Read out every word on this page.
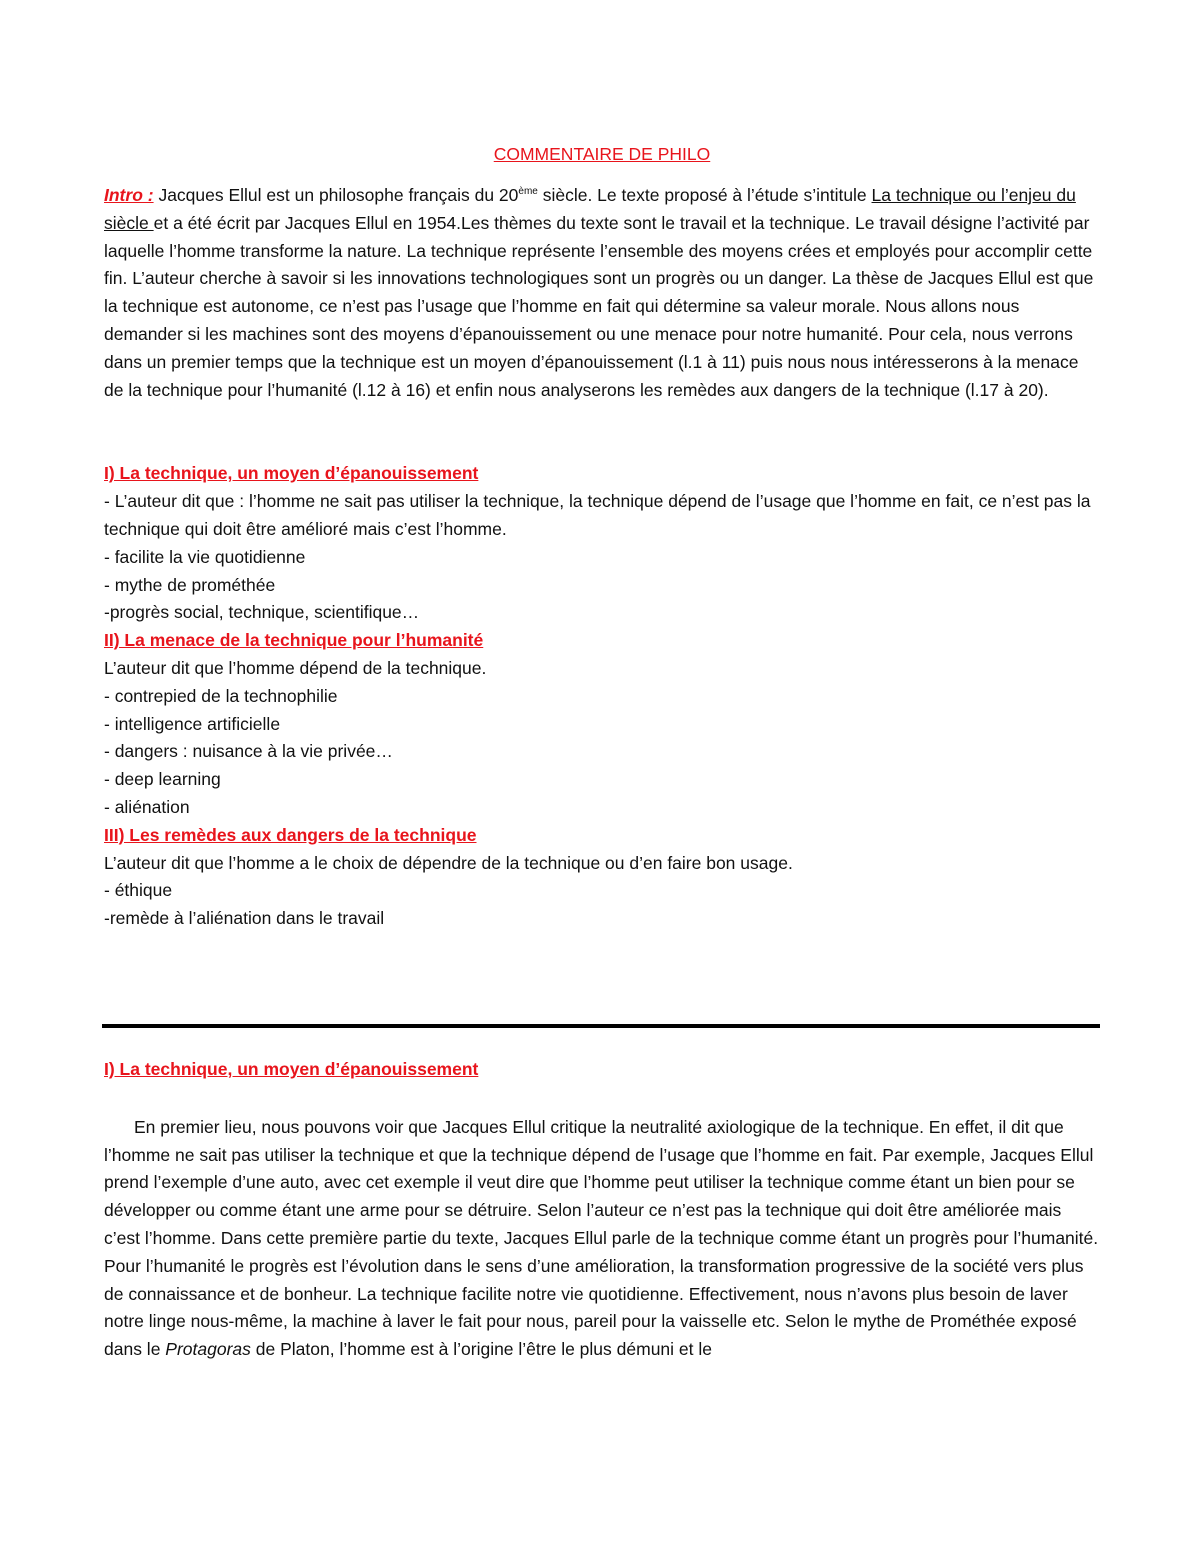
COMMENTAIRE DE PHILO

Intro : Jacques Ellul est un philosophe français du 20ème siècle. Le texte proposé à l’étude s’intitule La technique ou l’enjeu du siècle et a été écrit par Jacques Ellul en 1954.Les thèmes du texte sont le travail et la technique. Le travail désigne l’activité par laquelle l’homme transforme la nature. La technique représente l’ensemble des moyens crées et employés pour accomplir cette fin. L’auteur cherche à savoir si les innovations technologiques sont un progrès ou un danger. La thèse de Jacques Ellul est que la technique est autonome, ce n’est pas l’usage que l’homme en fait qui détermine sa valeur morale. Nous allons nous demander si les machines sont des moyens d’épanouissement ou une menace pour notre humanité. Pour cela, nous verrons dans un premier temps que la technique est un moyen d’épanouissement (l.1 à 11) puis nous nous intéresserons à la menace de la technique pour l’humanité (l.12 à 16) et enfin nous analyserons les remèdes aux dangers de la technique (l.17 à 20).

I) La technique, un moyen d’épanouissement
- L’auteur dit que : l’homme ne sait pas utiliser la technique, la technique dépend de l’usage que l’homme en fait, ce n’est pas la technique qui doit être amélioré mais c’est l’homme.
- facilite la vie quotidienne
- mythe de prométhée
-progrès social, technique, scientifique…
II) La menace de la technique pour l’humanité
L’auteur dit que l’homme dépend de la technique.
- contrepied de la technophilie
- intelligence artificielle
- dangers : nuisance à la vie privée…
- deep learning
- aliénation
III) Les remèdes aux dangers de la technique
L’auteur dit que l’homme a le choix de dépendre de la technique ou d’en faire bon usage.
- éthique
-remède à l’aliénation dans le travail
I) La technique, un moyen d’épanouissement

En premier lieu, nous pouvons voir que Jacques Ellul critique la neutralité axiologique de la technique. En effet, il dit que l’homme ne sait pas utiliser la technique et que la technique dépend de l’usage que l’homme en fait. Par exemple, Jacques Ellul prend l’exemple d’une auto, avec cet exemple il veut dire que l’homme peut utiliser la technique comme étant un bien pour se développer ou comme étant une arme pour se détruire. Selon l’auteur ce n’est pas la technique qui doit être améliorée mais c’est l’homme. Dans cette première partie du texte, Jacques Ellul parle de la technique comme étant un progrès pour l’humanité. Pour l’humanité le progrès est l’évolution dans le sens d’une amélioration, la transformation progressive de la société vers plus de connaissance et de bonheur. La technique facilite notre vie quotidienne. Effectivement, nous n’avons plus besoin de laver notre linge nous-même, la machine à laver le fait pour nous, pareil pour la vaisselle etc. Selon le mythe de Prométhée exposé dans le Protagoras de Platon, l’homme est à l’origine l’être le plus démuni et le
